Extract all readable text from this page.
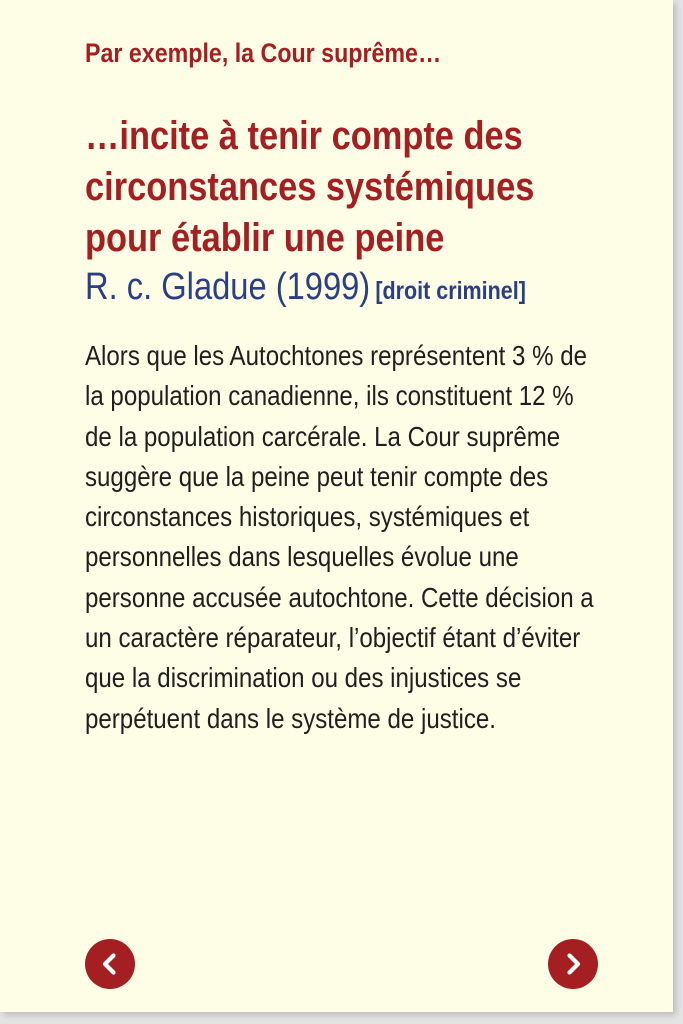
Par exemple, la Cour suprême…

…incite à tenir compte des circonstances systémiques pour établir une peine

R. c. Gladue (1999) [droit criminel]

Alors que les Autochtones représentent 3 % de la population canadienne, ils constituent 12 % de la population carcérale. La Cour suprême suggère que la peine peut tenir compte des circonstances historiques, systémiques et personnelles dans lesquelles évolue une personne accusée autochtone. Cette décision a un caractère réparateur, l’objectif étant d’éviter que la discrimination ou des injustices se perpétuent dans le système de justice.
